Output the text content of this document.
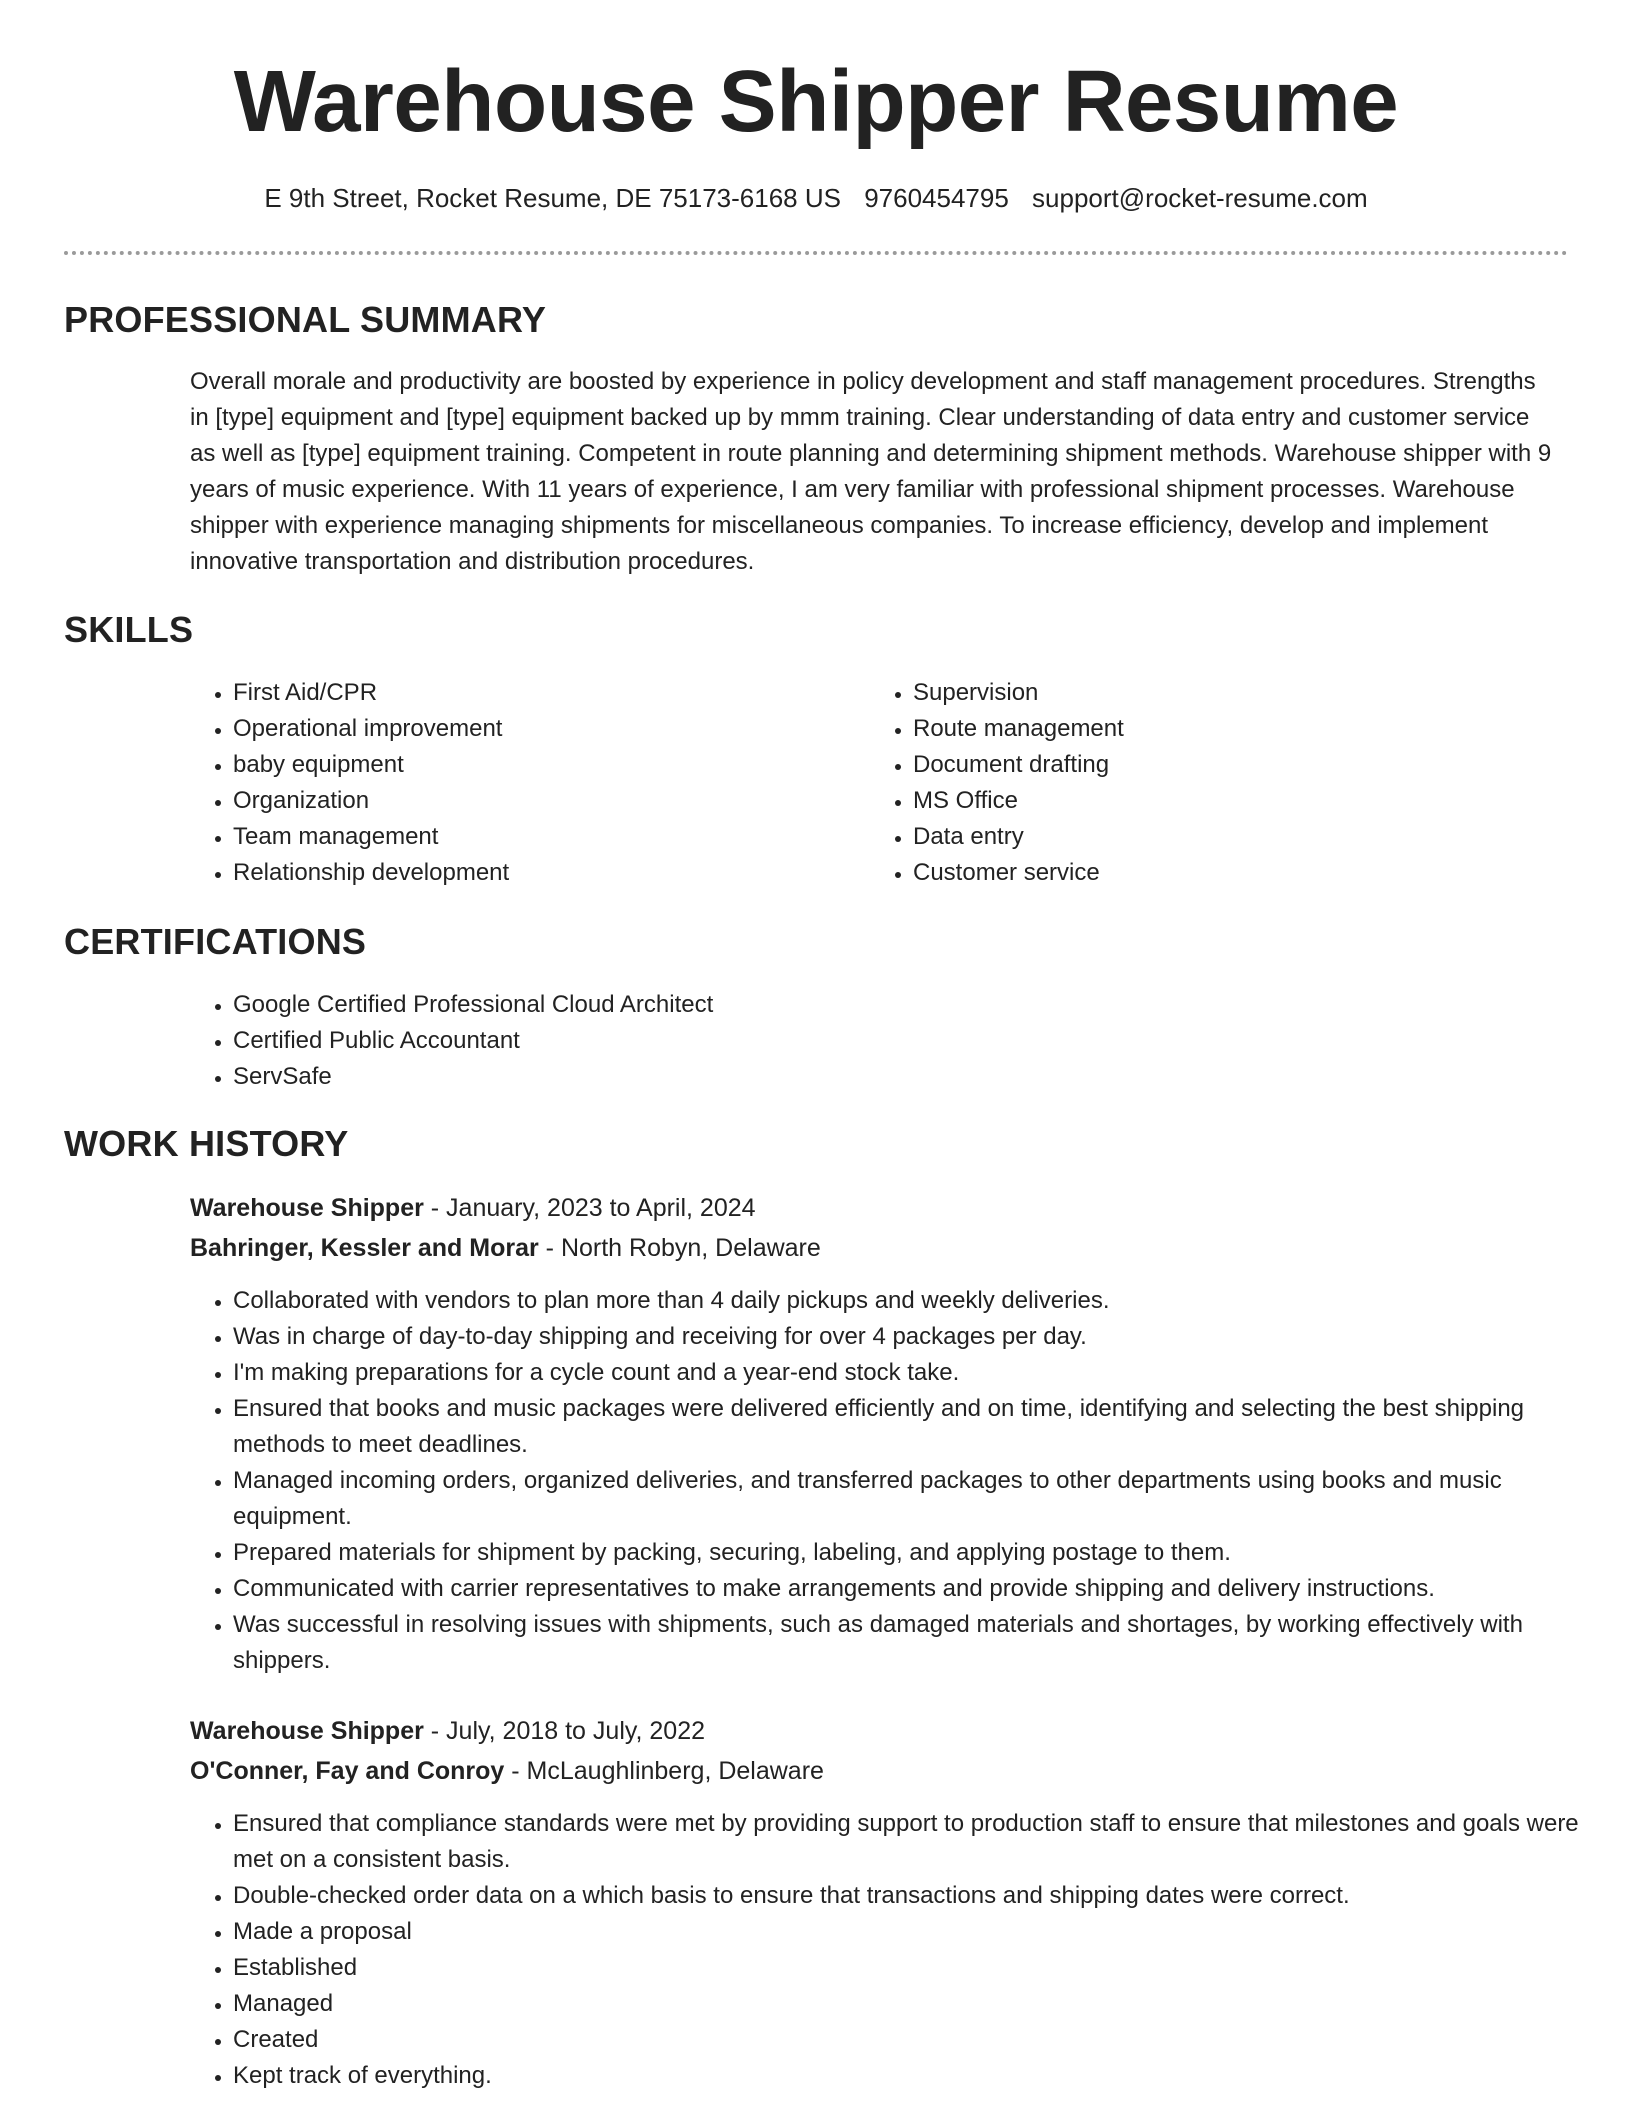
Warehouse Shipper Resume
E 9th Street, Rocket Resume, DE 75173-6168 US 9760454795 support@rocket-resume.com
PROFESSIONAL SUMMARY
Overall morale and productivity are boosted by experience in policy development and staff management procedures. Strengths in [type] equipment and [type] equipment backed up by mmm training. Clear understanding of data entry and customer service as well as [type] equipment training. Competent in route planning and determining shipment methods. Warehouse shipper with 9 years of music experience. With 11 years of experience, I am very familiar with professional shipment processes. Warehouse shipper with experience managing shipments for miscellaneous companies. To increase efficiency, develop and implement innovative transportation and distribution procedures.
SKILLS
• First Aid/CPR
• Operational improvement
• baby equipment
• Organization
• Team management
• Relationship development
• Supervision
• Route management
• Document drafting
• MS Office
• Data entry
• Customer service
CERTIFICATIONS
• Google Certified Professional Cloud Architect
• Certified Public Accountant
• ServSafe
WORK HISTORY
Warehouse Shipper - January, 2023 to April, 2024
Bahringer, Kessler and Morar - North Robyn, Delaware
• Collaborated with vendors to plan more than 4 daily pickups and weekly deliveries.
• Was in charge of day-to-day shipping and receiving for over 4 packages per day.
• I'm making preparations for a cycle count and a year-end stock take.
• Ensured that books and music packages were delivered efficiently and on time, identifying and selecting the best shipping methods to meet deadlines.
• Managed incoming orders, organized deliveries, and transferred packages to other departments using books and music equipment.
• Prepared materials for shipment by packing, securing, labeling, and applying postage to them.
• Communicated with carrier representatives to make arrangements and provide shipping and delivery instructions.
• Was successful in resolving issues with shipments, such as damaged materials and shortages, by working effectively with shippers.
Warehouse Shipper - July, 2018 to July, 2022
O'Conner, Fay and Conroy - McLaughlinberg, Delaware
• Ensured that compliance standards were met by providing support to production staff to ensure that milestones and goals were met on a consistent basis.
• Double-checked order data on a which basis to ensure that transactions and shipping dates were correct.
• Made a proposal
• Established
• Managed
• Created
• Kept track of everything.
